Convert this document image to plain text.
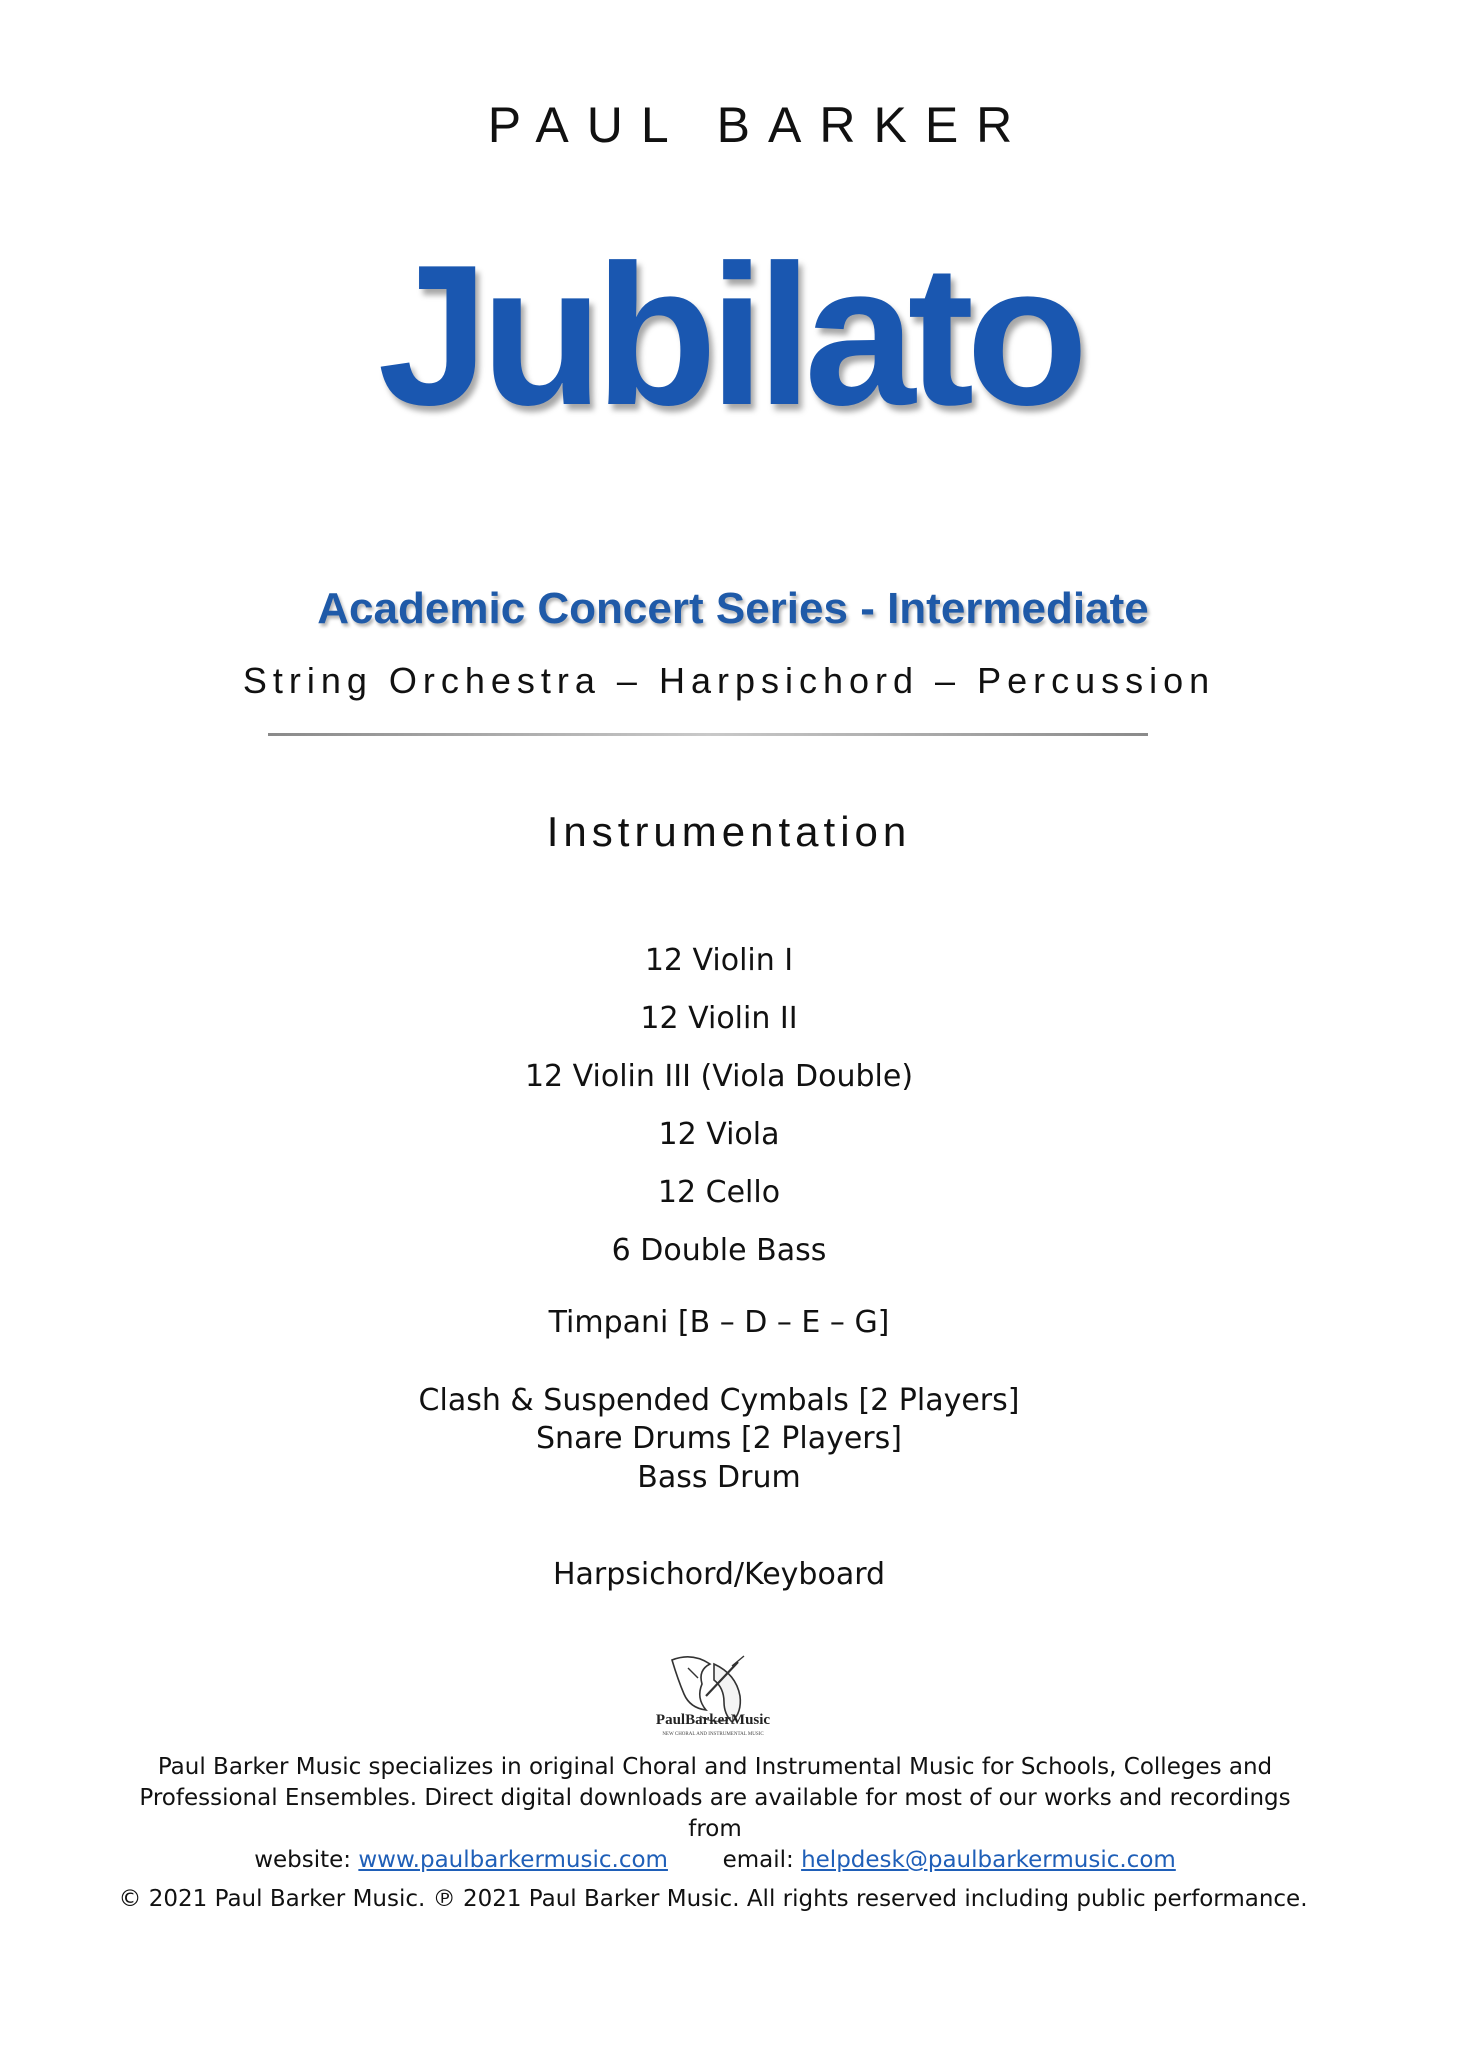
PAUL BARKER
Jubilato
Academic Concert Series - Intermediate
String Orchestra – Harpsichord – Percussion
Instrumentation
12 Violin I
12 Violin II
12 Violin III (Viola Double)
12 Viola
12 Cello
6 Double Bass
Timpani [B – D – E – G]
Clash & Suspended Cymbals [2 Players]
Snare Drums [2 Players]
Bass Drum
Harpsichord/Keyboard
PaulBarkerMusic
NEW CHORAL AND INSTRUMENTAL MUSIC
Paul Barker Music specializes in original Choral and Instrumental Music for Schools, Colleges and
Professional Ensembles. Direct digital downloads are available for most of our works and recordings from
website: www.paulbarkermusic.com email: helpdesk@paulbarkermusic.com
© 2021 Paul Barker Music. ℗ 2021 Paul Barker Music. All rights reserved including public performance.
